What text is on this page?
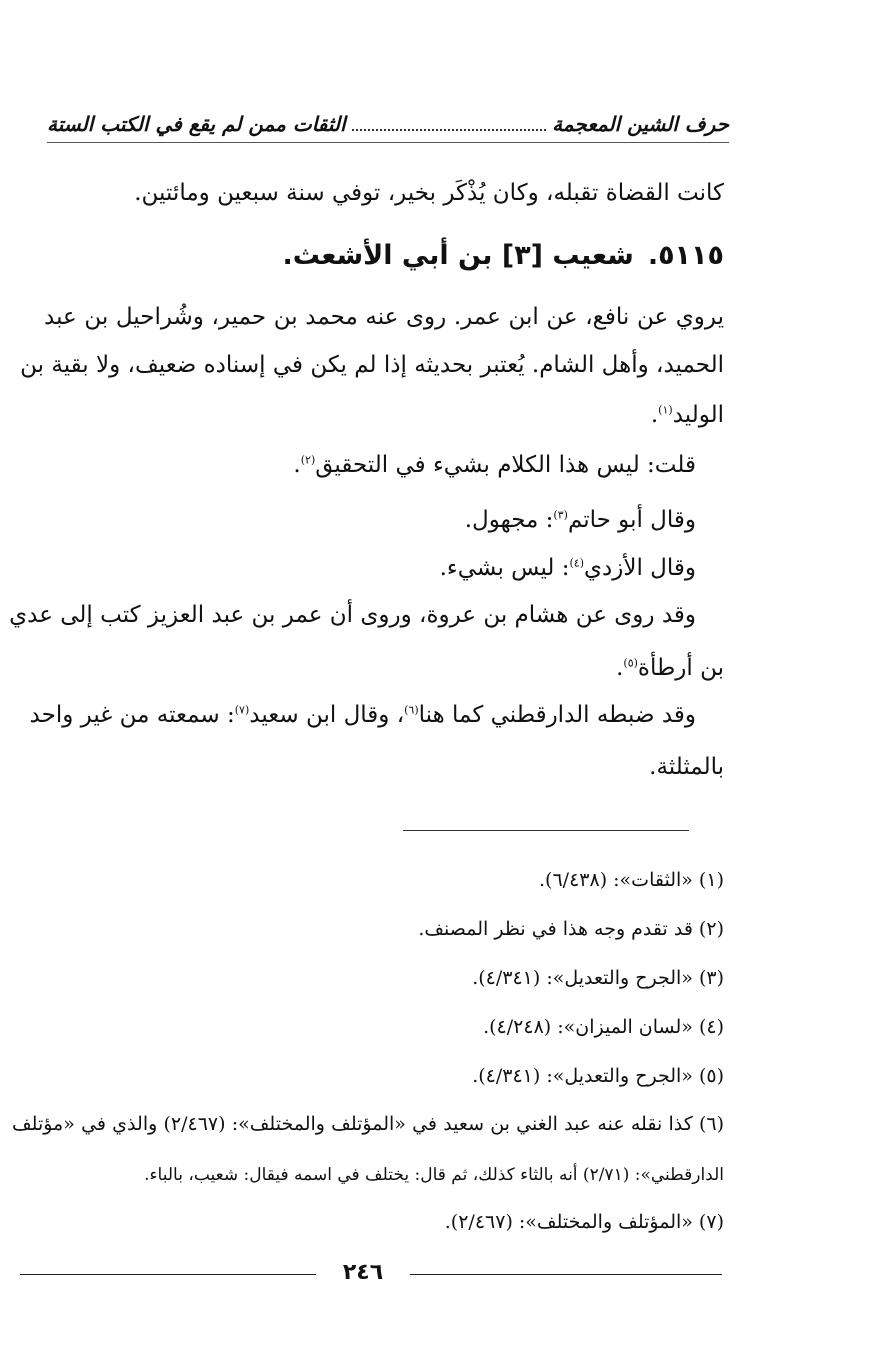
حرف الشين المعجمة
الثقات ممن لم يقع في الكتب الستة
كانت القضاة تقبله، وكان يُذْكَر بخير، توفي سنة سبعين ومائتين.
٥١١٥.شعيب [٣] بن أبي الأشعث.
يروي عن نافع، عن ابن عمر. روى عنه محمد بن حمير، وشُراحيل بن عبد
الحميد، وأهل الشام. يُعتبر بحديثه إذا لم يكن في إسناده ضعيف، ولا بقية بن
الوليد$^{(١)}$.
قلت: ليس هذا الكلام بشيء في التحقيق$^{(٢)}$.
وقال أبو حاتم$^{(٣)}$: مجهول.
وقال الأزدي$^{(٤)}$: ليس بشيء.
وقد روى عن هشام بن عروة، وروى أن عمر بن عبد العزيز كتب إلى عدي
بن أرطأة$^{(٥)}$.
وقد ضبطه الدارقطني كما هنا$^{(٦)}$، وقال ابن سعيد$^{(٧)}$: سمعته من غير واحد
بالمثلثة.
(١) «الثقات»: (٦/٤٣٨).
(٢) قد تقدم وجه هذا في نظر المصنف.
(٣) «الجرح والتعديل»: (٤/٣٤١).
(٤) «لسان الميزان»: (٤/٢٤٨).
(٥) «الجرح والتعديل»: (٤/٣٤١).
(٦) كذا نقله عنه عبد الغني بن سعيد في «المؤتلف والمختلف»: (٢/٤٦٧) والذي في «مؤتلف
الدارقطني»: (٢/٧١) أنه بالثاء كذلك، ثم قال: يختلف في اسمه فيقال: شعيب، بالباء.
(٧) «المؤتلف والمختلف»: (٢/٤٦٧).
٢٤٦
